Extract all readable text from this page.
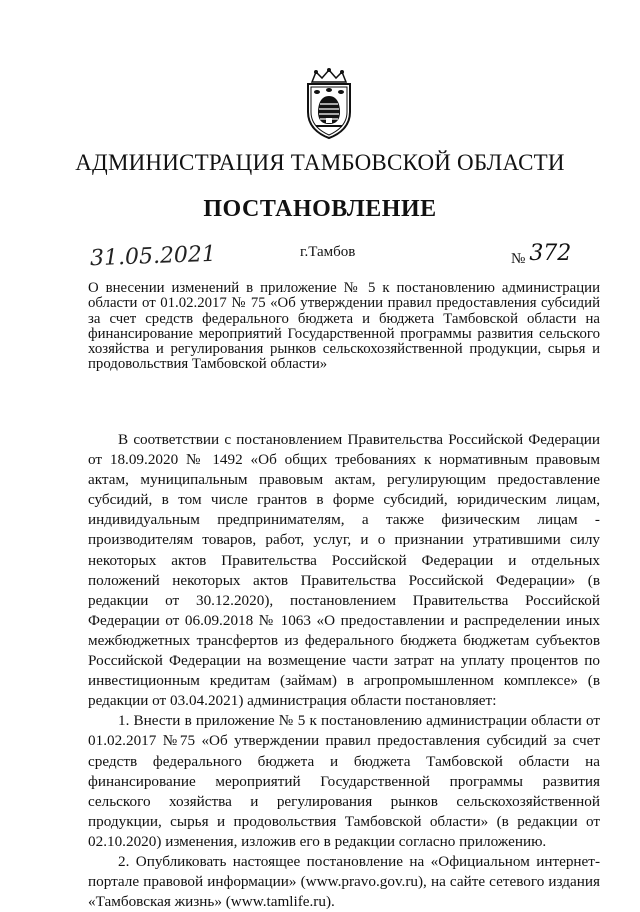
АДМИНИСТРАЦИЯ ТАМБОВСКОЙ ОБЛАСТИ
ПОСТАНОВЛЕНИЕ
31.05.2021	г.Тамбов	№ 372
О внесении изменений в приложение № 5 к постановлению администрации области от 01.02.2017 № 75 «Об утверждении правил предоставления субсидий за счет средств федерального бюджета и бюджета Тамбовской области на финансирование мероприятий Государственной программы развития сельского хозяйства и регулирования рынков сельскохозяйственной продукции, сырья и продовольствия Тамбовской области»

В соответствии с постановлением Правительства Российской Федерации от 18.09.2020 № 1492 «Об общих требованиях к нормативным правовым актам, муниципальным правовым актам, регулирующим предоставление субсидий, в том числе грантов в форме субсидий, юридическим лицам, индивидуальным предпринимателям, а также физическим лицам - производителям товаров, работ, услуг, и о признании утратившими силу некоторых актов Правительства Российской Федерации и отдельных положений некоторых актов Правительства Российской Федерации» (в редакции от 30.12.2020), постановлением Правительства Российской Федерации от 06.09.2018 № 1063 «О предоставлении и распределении иных межбюджетных трансфертов из федерального бюджета бюджетам субъектов Российской Федерации на возмещение части затрат на уплату процентов по инвестиционным кредитам (займам) в агропромышленном комплексе» (в редакции от 03.04.2021) администрация области постановляет:

1. Внести в приложение № 5 к постановлению администрации области от 01.02.2017 №75 «Об утверждении правил предоставления субсидий за счет средств федерального бюджета и бюджета Тамбовской области на финансирование мероприятий Государственной программы развития сельского хозяйства и регулирования рынков сельскохозяйственной продукции, сырья и продовольствия Тамбовской области» (в редакции от 02.10.2020) изменения, изложив его в редакции согласно приложению.

2. Опубликовать настоящее постановление на «Официальном интернет-портале правовой информации» (www.pravo.gov.ru), на сайте сетевого издания «Тамбовская жизнь» (www.tamlife.ru).
